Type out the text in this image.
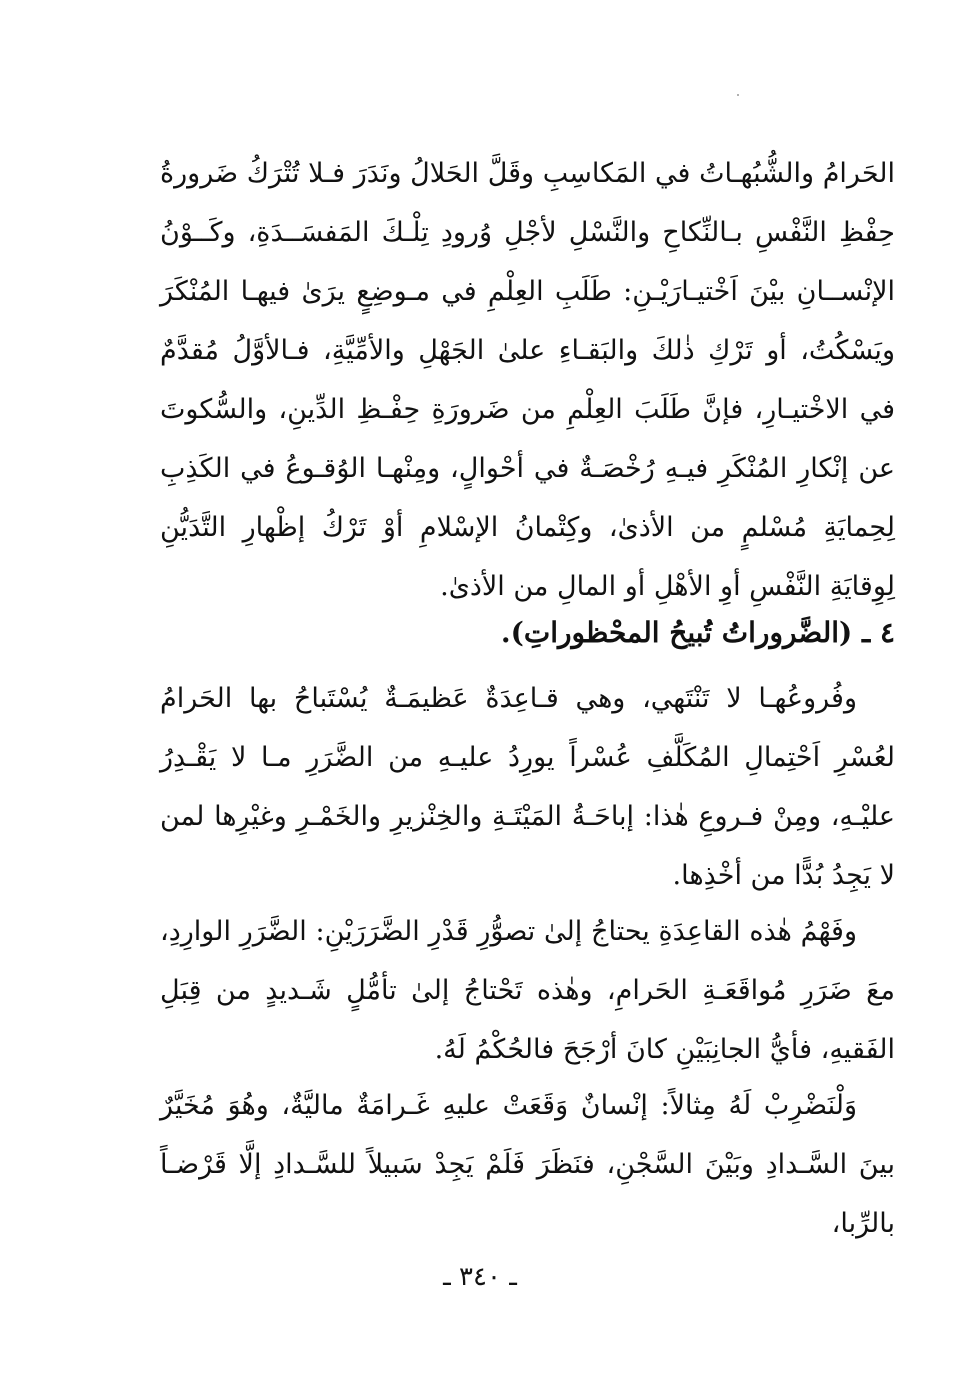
الحَرامُ والشُّبُهـاتُ في المَكاسِبِ وقَلَّ الحَلالُ ونَدَرَ فـلا تُتْرَكُ ضَرورةُ حِفْظِ النَّفْسِ بـالنِّكاحِ والنَّسْلِ لأجْلِ وُرودِ تِلْـكَ المَفسَــدَةِ، وكَــوْنُ الإنْســانِ بيْنَ اَخْتيـارَيْـنِ: طَلَبِ العِلْمِ في مـوضِعٍ يرَىٰ فيهـا المُنْكَرَ ويَسْكُتُ، أو تَرْكِ ذٰلكَ والبَقـاءِ علىٰ الجَهْلِ والأمِّيَّةِ، فـالأوَّلُ مُقدَّمٌ في الاخْتيـارِ، فإنَّ طَلَبَ العِلْمِ من ضَرورَةِ حِفْـظِ الدِّينِ، والسُّكوتَ عن إنْكارِ المُنْكَرِ فيـهِ رُخْصَـةٌ في أحْوالٍ، ومِنْهـا الوُقـوعُ في الكَذِبِ لِحِمايَةِ مُسْلمٍ من الأذىٰ، وكِتْمانُ الإسْلامِ أوْ تَرْكُ إظْهارِ التَّدَيُّنِ لِوِقايَةِ النَّفْسِ أوِ الأهْلِ أو المالِ من الأذىٰ.

٤ ـ (الضَّروراتُ تُبيحُ المحْظوراتِ).

وفُروعُهـا لا تَنْتَهي، وهي قـاعِدَةٌ عَظيمَـةٌ يُسْتَباحُ بها الحَرامُ لعُسْرِ اَحْتِمالِ المُكَلَّفِ عُسْراً يورِدُ عليـهِ من الضَّرَرِ مـا لا يَقْـدِرُ عليْـهِ، ومِنْ فـروعِ هٰذا: إباحَـةُ المَيْتَـةِ والخِنْزيرِ والخَمْـرِ وغيْرِها لمن لا يَجِدُ بُدًّا من أخْذِها.

وفَهْمُ هٰذه القاعِدَةِ يحتاجُ إلىٰ تصوُّرِ قَدْرِ الضَّرَرَيْنِ: الضَّرَرِ الوارِدِ، معَ ضَرَرِ مُواقَعَـةِ الحَرامِ، وهٰذه تَحْتاجُ إلىٰ تأمُّلٍ شَـديدٍ من قِبَلِ الفَقيهِ، فأيُّ الجانِبَيْنِ كانَ أرْجَحَ فالحُكْمُ لَهُ.

وَلْنَضْرِبْ لَهُ مِثالاً: إنْسانٌ وَقَعَتْ عليهِ غَـرامَةٌ ماليَّةٌ، وهُوَ مُخَيَّرٌ بينَ السَّـدادِ وبَيْنَ السَّجْنِ، فنَظَرَ فَلَمْ يَجِدْ سَبيلاً للسَّـدادِ إلَّا قَرْضـاً بالرِّبا،

ـ ٣٤٠ ـ
